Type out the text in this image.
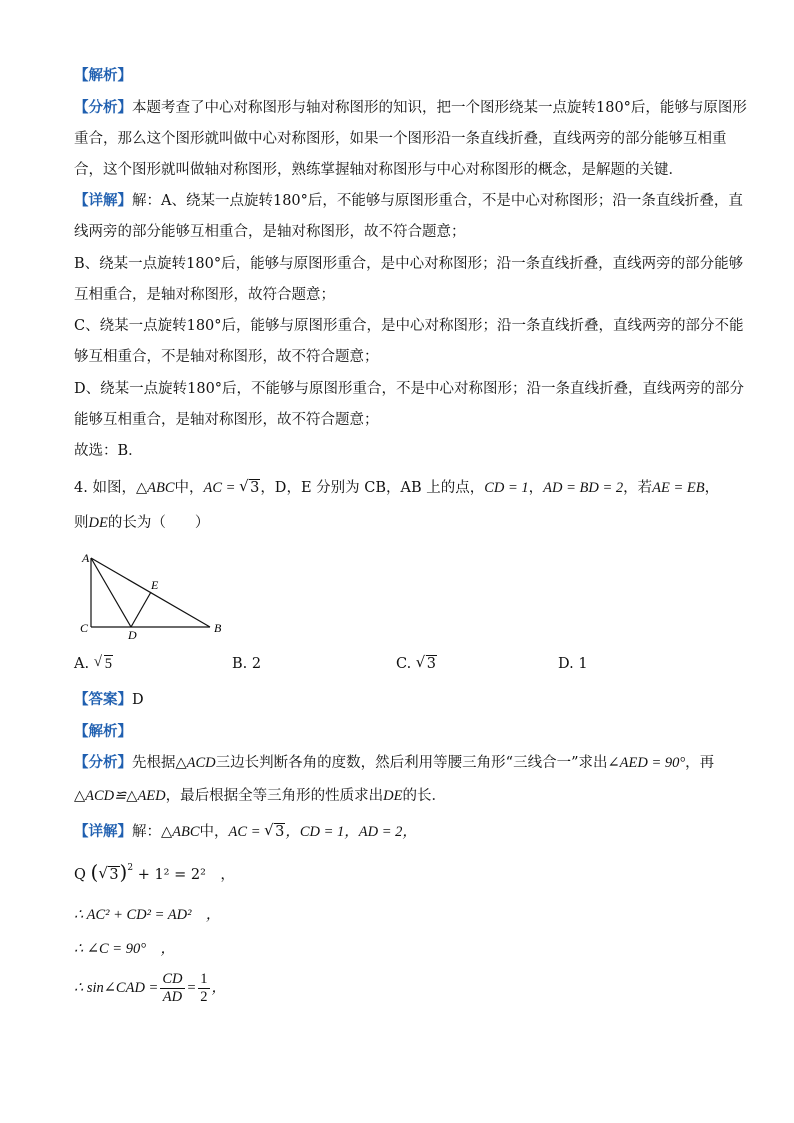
【解析】
【分析】本题考查了中心对称图形与轴对称图形的知识，把一个图形绕某一点旋转180°后，能够与原图形
重合，那么这个图形就叫做中心对称图形，如果一个图形沿一条直线折叠，直线两旁的部分能够互相重
合，这个图形就叫做轴对称图形，熟练掌握轴对称图形与中心对称图形的概念，是解题的关键．
【详解】解：A、绕某一点旋转180°后，不能够与原图形重合，不是中心对称图形；沿一条直线折叠，直
线两旁的部分能够互相重合，是轴对称图形，故不符合题意；
B、绕某一点旋转180°后，能够与原图形重合，是中心对称图形；沿一条直线折叠，直线两旁的部分能够
互相重合，是轴对称图形，故符合题意；
C、绕某一点旋转180°后，能够与原图形重合，是中心对称图形；沿一条直线折叠，直线两旁的部分不能
够互相重合，不是轴对称图形，故不符合题意；
D、绕某一点旋转180°后，不能够与原图形重合，不是中心对称图形；沿一条直线折叠，直线两旁的部分
能够互相重合，是轴对称图形，故不符合题意；
故选：B．
4. 如图，△ABC中，AC = √ 3，D，E 分别为 CB，AB 上的点，CD = 1，AD = BD = 2，若AE = EB，
则DE的长为（　　）
A
E
C	D	B
A. √ 5	B. 2	C. √ 3	D. 1
【答案】D
【解析】
【分析】先根据△ACD三边长判断各角的度数，然后利用等腰三角形“三线合一”求出∠AED = 90°，再
△ACD≌△AED，最后根据全等三角形的性质求出DE的长．
【详解】解：△ABC中，AC = √ 3，CD = 1，AD = 2，
Q ( √ 3)$^2$ + 1² = 2²　，
∴ AC² + CD² = AD²　，
∴ ∠C = 90°　，
∴ sin∠CAD = $\frac{CD}{AD} = \frac{1}{2}$ ，
